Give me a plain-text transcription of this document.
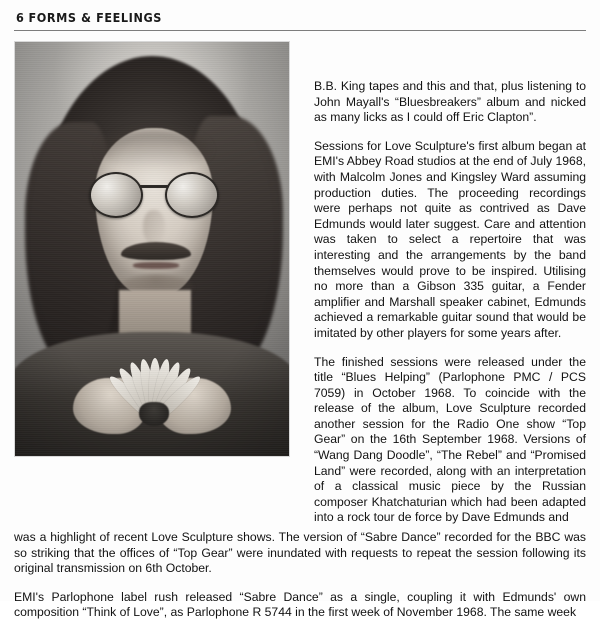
6 FORMS & FEELINGS

B.B. King tapes and this and that, plus listening to John Mayall's “Bluesbreakers” album and nicked as many licks as I could off Eric Clapton”.

Sessions for Love Sculpture's first album began at EMI's Abbey Road studios at the end of July 1968, with Malcolm Jones and Kingsley Ward assuming production duties. The proceeding recordings were perhaps not quite as contrived as Dave Edmunds would later suggest. Care and attention was taken to select a repertoire that was interesting and the arrangements by the band themselves would prove to be inspired. Utilising no more than a Gibson 335 guitar, a Fender amplifier and Marshall speaker cabinet, Edmunds achieved a remarkable guitar sound that would be imitated by other players for some years after.

The finished sessions were released under the title “Blues Helping” (Parlophone PMC / PCS 7059) in October 1968. To coincide with the release of the album, Love Sculpture recorded another session for the Radio One show “Top Gear” on the 16th September 1968. Versions of “Wang Dang Doodle”, “The Rebel” and “Promised Land” were recorded, along with an interpretation of a classical music piece by the Russian composer Khatchaturian which had been adapted into a rock tour de force by Dave Edmunds and

was a highlight of recent Love Sculpture shows. The version of “Sabre Dance” recorded for the BBC was so striking that the offices of “Top Gear” were inundated with requests to repeat the session following its original transmission on 6th October.

EMI's Parlophone label rush released “Sabre Dance” as a single, coupling it with Edmunds' own composition “Think of Love”, as Parlophone R 5744 in the first week of November 1968. The same week
